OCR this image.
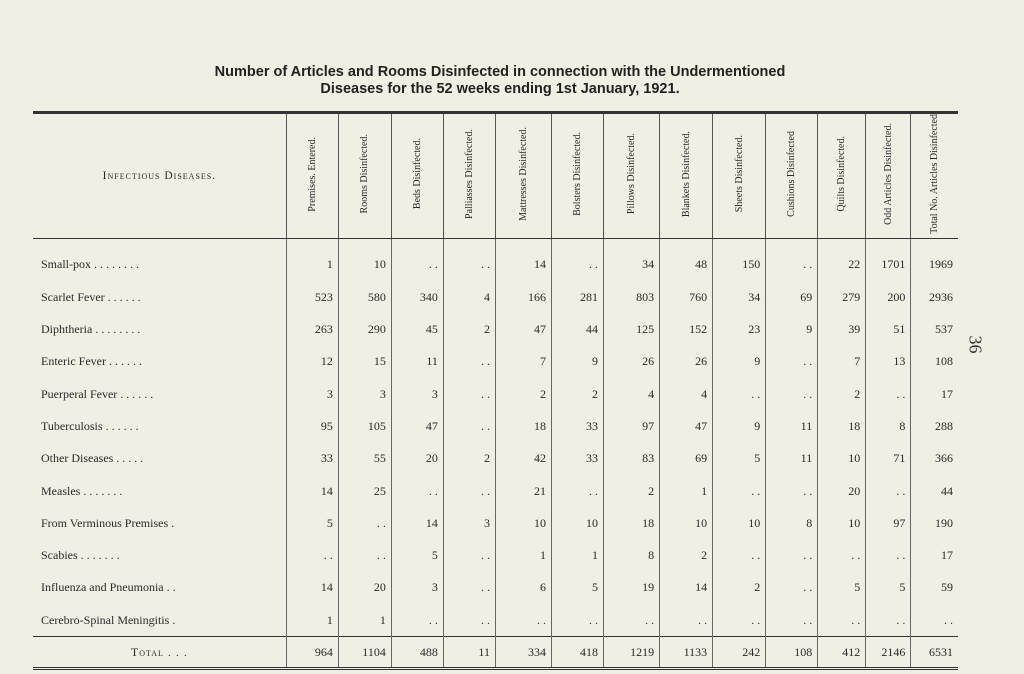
Number of Articles and Rooms Disinfected in connection with the Undermentioned
Diseases for the 52 weeks ending 1st January, 1921.
36
Infectious Diseases.	Premises. Entered.	Rooms Disinfected.	Beds Disinfected.	Palliasses Disinfected.	Mattresses Disinfected.	Bolsters Disinfected.	Pillows Disinfected.	Blankets Disinfected.	Sheets Disinfected.	Cushions Disinfected	Quilts Disinfected.	Odd Articles Disinfected.	Total No. Articles Disinfected
Small-pox . . . . . . . .	1	10	. .	. .	14	. .	34	48	150	. .	22	1701	1969
Scarlet Fever . . . . . .	523	580	340	4	166	281	803	760	34	69	279	200	2936
Diphtheria . . . . . . . .	263	290	45	2	47	44	125	152	23	9	39	51	537
Enteric Fever . . . . . .	12	15	11	. .	7	9	26	26	9	. .	7	13	108
Puerperal Fever . . . . . .	3	3	3	. .	2	2	4	4	. .	. .	2	. .	17
Tuberculosis . . . . . .	95	105	47	. .	18	33	97	47	9	11	18	8	288
Other Diseases . . . . .	33	55	20	2	42	33	83	69	5	11	10	71	366
Measles . . . . . . .	14	25	. .	. .	21	. .	2	1	. .	. .	20	. .	44
From Verminous Premises .	5	. .	14	3	10	10	18	10	10	8	10	97	190
Scabies . . . . . . .	. .	. .	5	. .	1	1	8	2	. .	. .	. .	. .	17
Influenza and Pneumonia . .	14	20	3	. .	6	5	19	14	2	. .	5	5	59
Cerebro-Spinal Meningitis .	1	1	. .	. .	. .	. .	. .	. .	. .	. .	. .	. .	. .
Total . . .	964	1104	488	11	334	418	1219	1133	242	108	412	2146	6531
